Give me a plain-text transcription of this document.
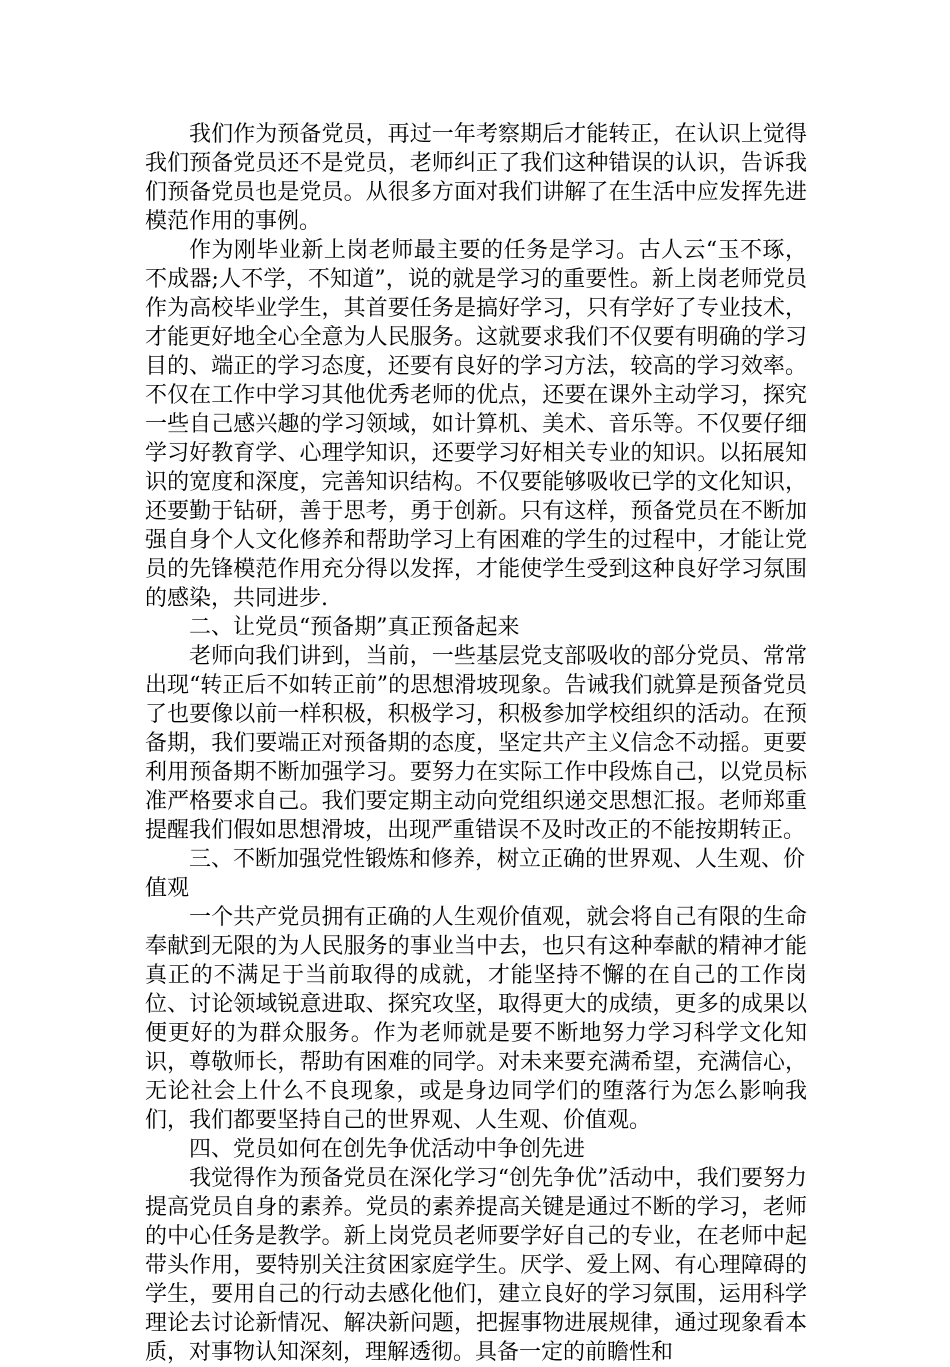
我们作为预备党员，再过一年考察期后才能转正，在认识上觉得我们预备党员还不是党员，老师纠正了我们这种错误的认识，告诉我们预备党员也是党员。从很多方面对我们讲解了在生活中应发挥先进模范作用的事例。

作为刚毕业新上岗老师最主要的任务是学习。古人云“玉不琢，不成器;人不学，不知道”，说的就是学习的重要性。新上岗老师党员作为高校毕业学生，其首要任务是搞好学习，只有学好了专业技术，才能更好地全心全意为人民服务。这就要求我们不仅要有明确的学习目的、端正的学习态度，还要有良好的学习方法，较高的学习效率。不仅在工作中学习其他优秀老师的优点，还要在课外主动学习，探究一些自己感兴趣的学习领域，如计算机、美术、音乐等。不仅要仔细学习好教育学、心理学知识，还要学习好相关专业的知识。以拓展知识的宽度和深度，完善知识结构。不仅要能够吸收已学的文化知识，还要勤于钻研，善于思考，勇于创新。只有这样，预备党员在不断加强自身个人文化修养和帮助学习上有困难的学生的过程中，才能让党员的先锋模范作用充分得以发挥，才能使学生受到这种良好学习氛围的感染，共同进步.

二、让党员“预备期”真正预备起来

老师向我们讲到，当前，一些基层党支部吸收的部分党员、常常出现“转正后不如转正前”的思想滑坡现象。告诫我们就算是预备党员了也要像以前一样积极，积极学习，积极参加学校组织的活动。在预备期，我们要端正对预备期的态度，坚定共产主义信念不动摇。更要利用预备期不断加强学习。要努力在实际工作中段炼自己，以党员标准严格要求自己。我们要定期主动向党组织递交思想汇报。老师郑重提醒我们假如思想滑坡，出现严重错误不及时改正的不能按期转正。

三、不断加强党性锻炼和修养，树立正确的世界观、人生观、价值观

一个共产党员拥有正确的人生观价值观，就会将自己有限的生命奉献到无限的为人民服务的事业当中去，也只有这种奉献的精神才能真正的不满足于当前取得的成就，才能坚持不懈的在自己的工作岗位、讨论领域锐意进取、探究攻坚，取得更大的成绩，更多的成果以便更好的为群众服务。作为老师就是要不断地努力学习科学文化知识，尊敬师长，帮助有困难的同学。对未来要充满希望，充满信心，无论社会上什么不良现象，或是身边同学们的堕落行为怎么影响我们，我们都要坚持自己的世界观、人生观、价值观。

四、党员如何在创先争优活动中争创先进

我觉得作为预备党员在深化学习“创先争优”活动中，我们要努力提高党员自身的素养。党员的素养提高关键是通过不断的学习，老师的中心任务是教学。新上岗党员老师要学好自己的专业，在老师中起带头作用，要特别关注贫困家庭学生。厌学、爱上网、有心理障碍的学生，要用自己的行动去感化他们，建立良好的学习氛围，运用科学理论去讨论新情况、解决新问题，把握事物进展规律，通过现象看本质，对事物认知深刻，理解透彻。具备一定的前瞻性和
